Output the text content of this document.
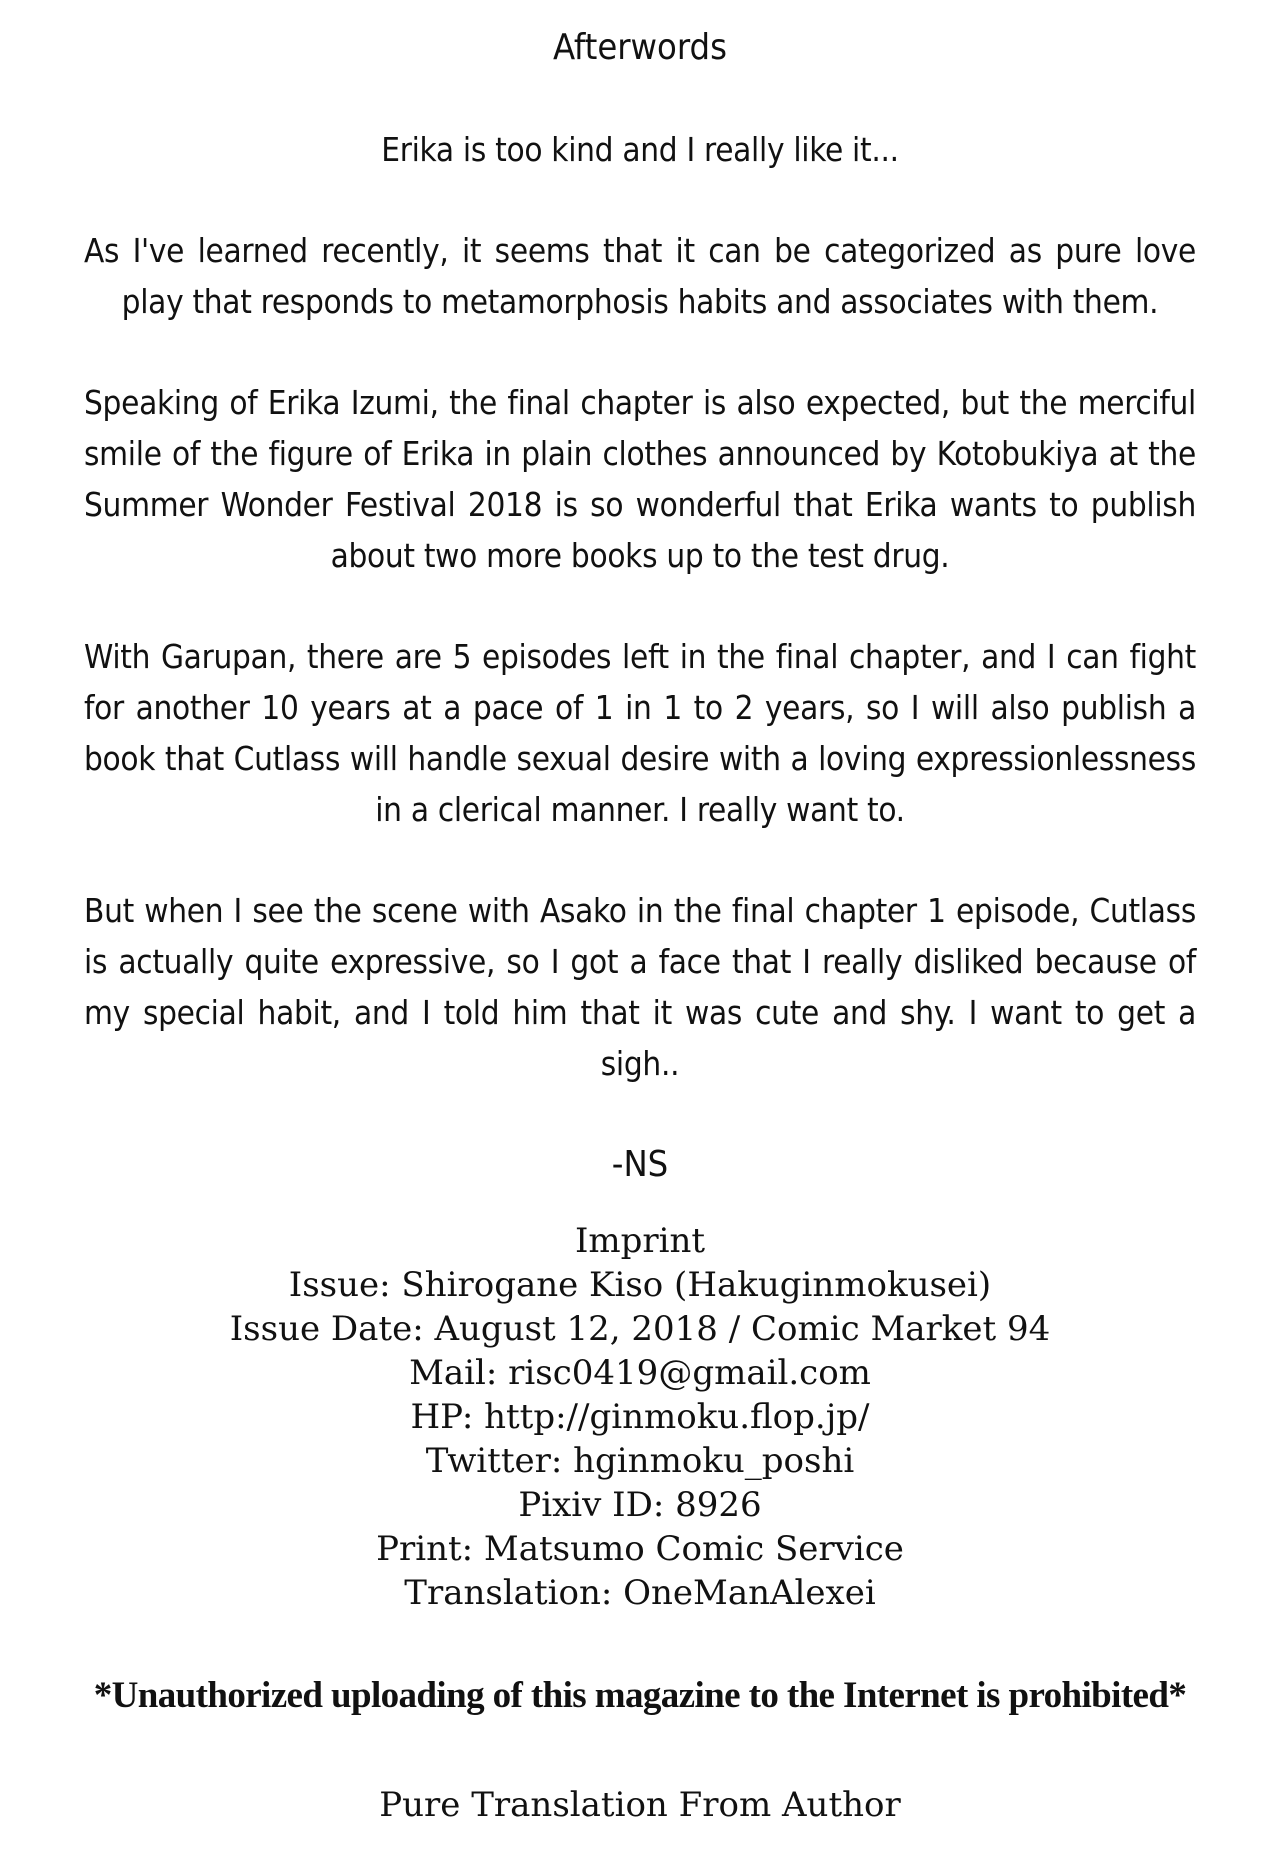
Afterwords

Erika is too kind and I really like it...

As I've learned recently, it seems that it can be categorized as pure love play that responds to metamorphosis habits and associates with them.

Speaking of Erika Izumi, the final chapter is also expected, but the merciful smile of the figure of Erika in plain clothes announced by Kotobukiya at the Summer Wonder Festival 2018 is so wonderful that Erika wants to publish about two more books up to the test drug.

With Garupan, there are 5 episodes left in the final chapter, and I can fight for another 10 years at a pace of 1 in 1 to 2 years, so I will also publish a book that Cutlass will handle sexual desire with a loving expressionlessness in a clerical manner. I really want to.

But when I see the scene with Asako in the final chapter 1 episode, Cutlass is actually quite expressive, so I got a face that I really disliked because of my special habit, and I told him that it was cute and shy. I want to get a sigh..

-NS

Imprint

Issue: Shirogane Kiso (Hakuginmokusei)

Issue Date: August 12, 2018 / Comic Market 94

Mail: risc0419@gmail.com

HP: http://ginmoku.flop.jp/

Twitter: hginmoku_poshi

Pixiv ID: 8926

Print: Matsumo Comic Service

Translation: OneManAlexei

*Unauthorized uploading of this magazine to the Internet is prohibited*

Pure Translation From Author
